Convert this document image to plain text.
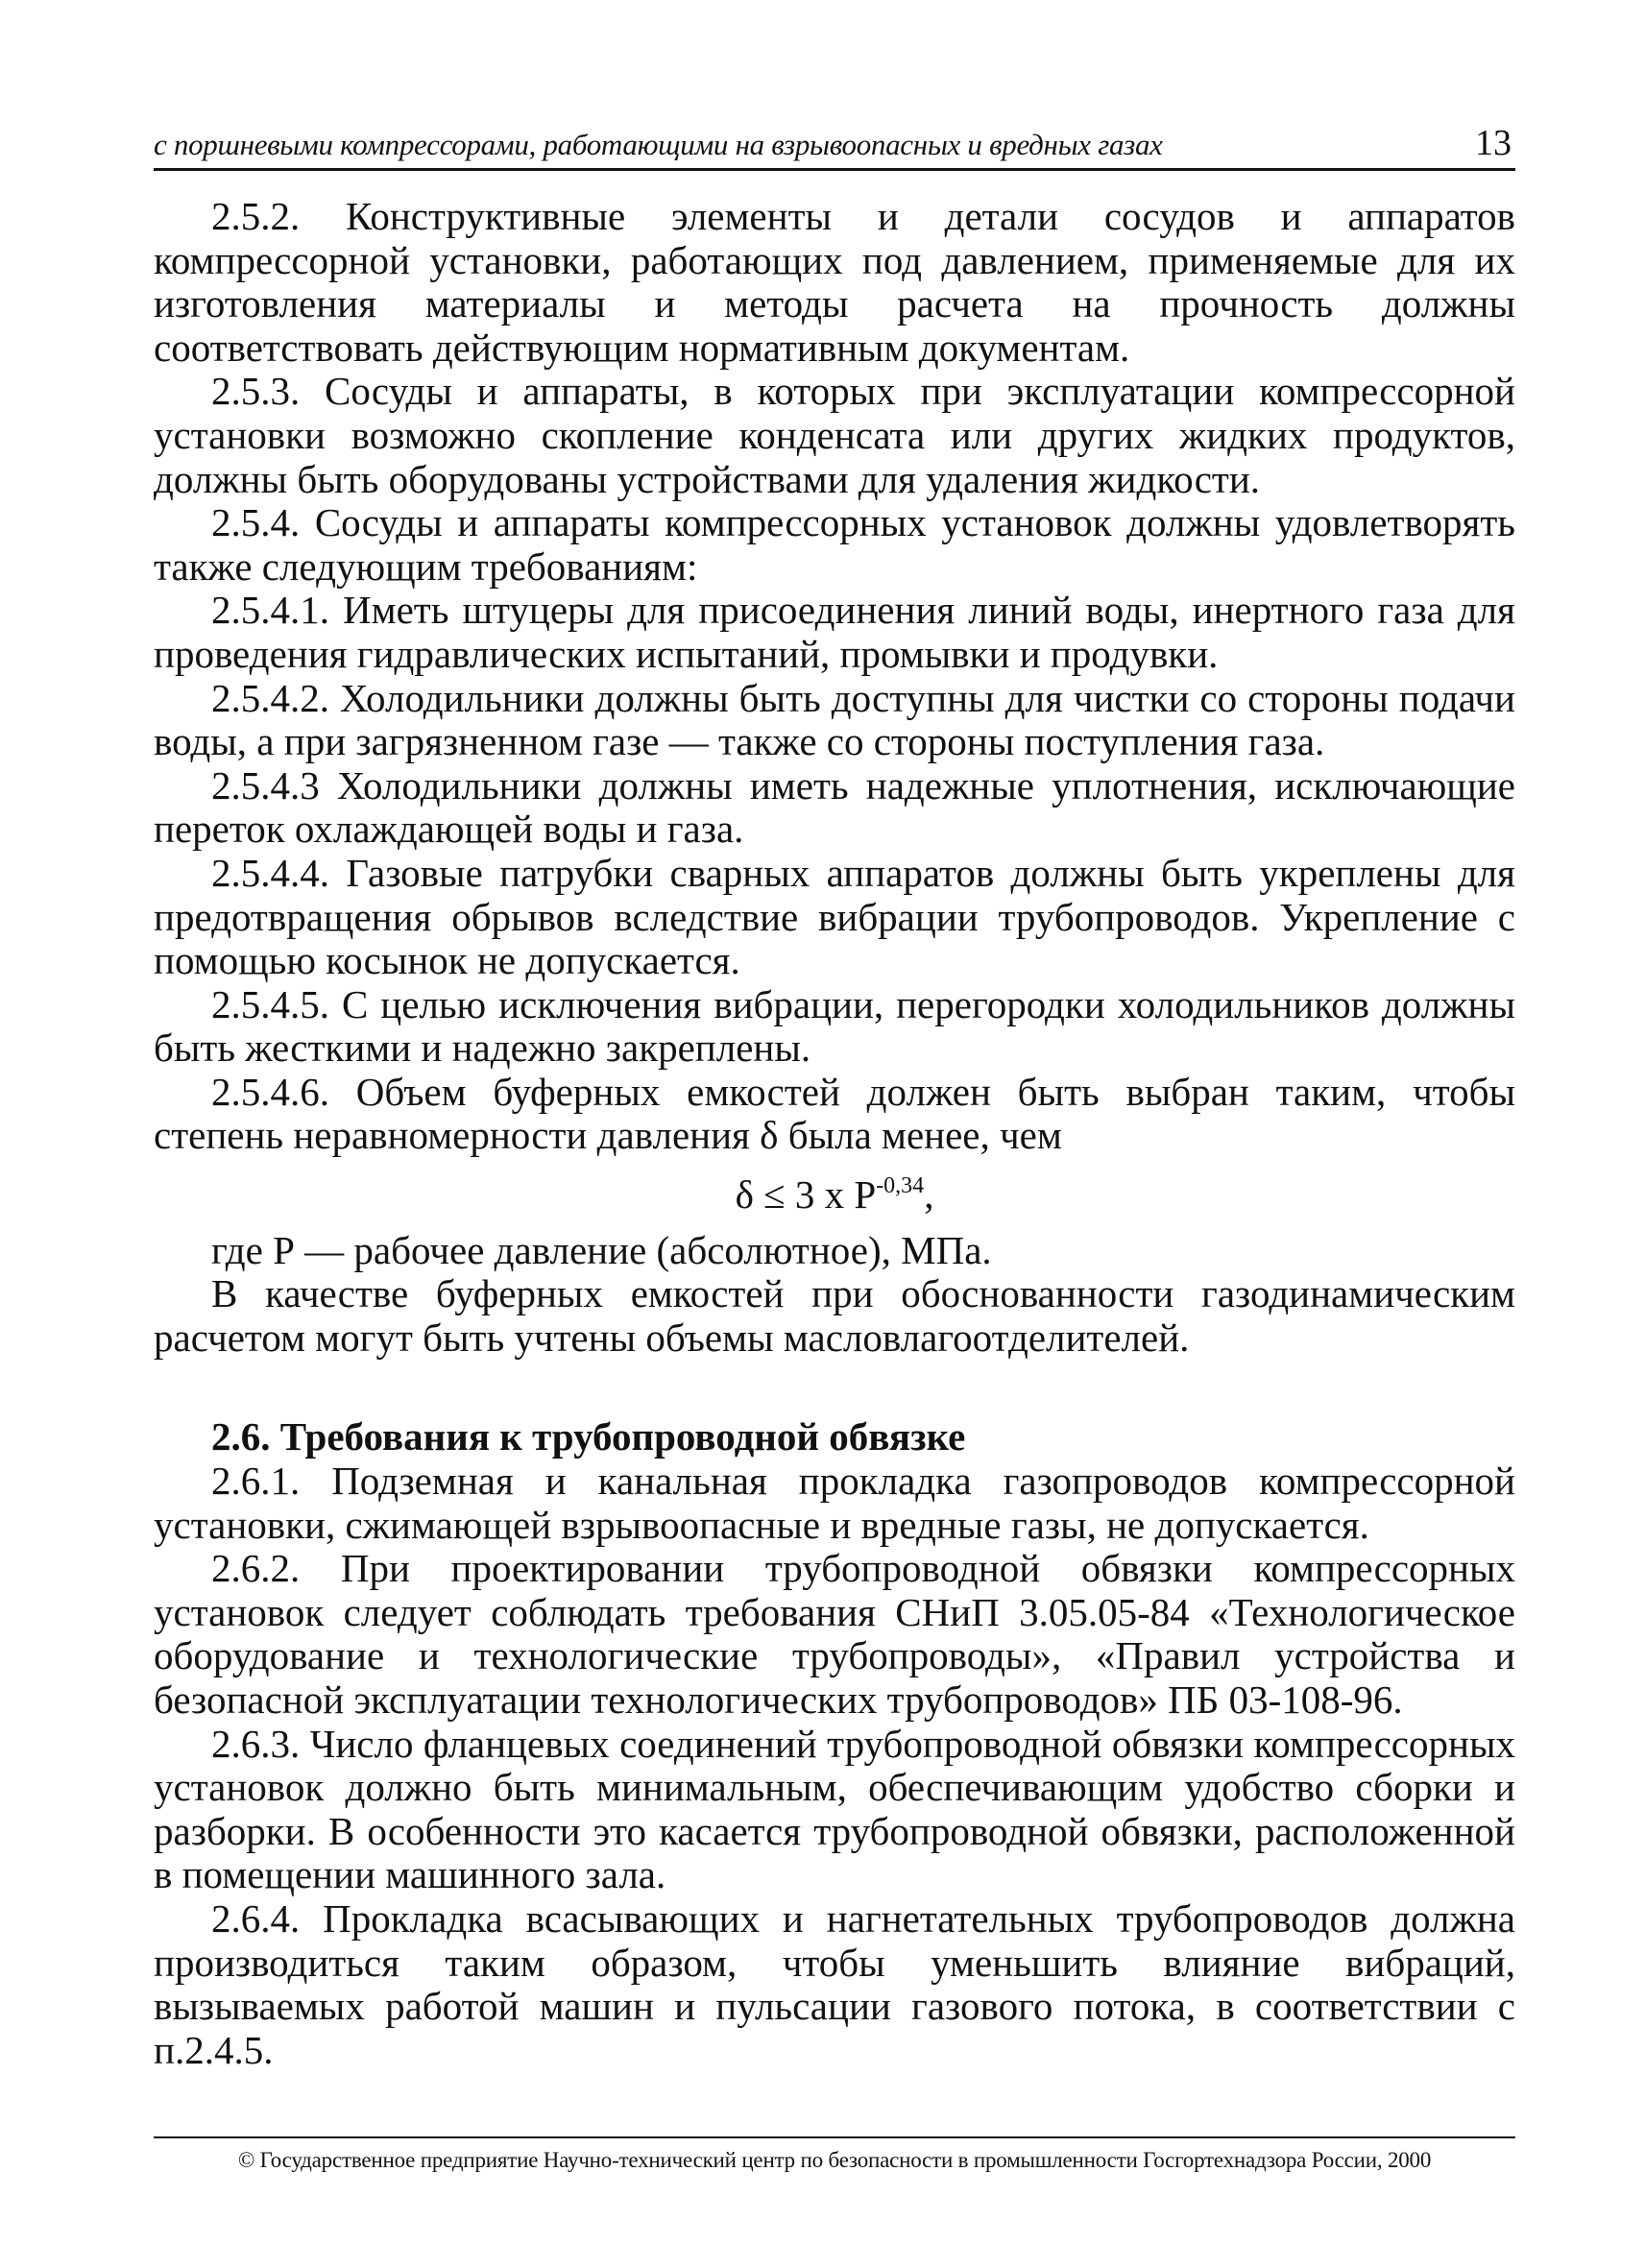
с поршневыми компрессорами, работающими на взрывоопасных и вредных газах	13

2.5.2. Конструктивные элементы и детали сосудов и аппаратов компрессорной установки, работающих под давлением, применяемые для их изготовления материалы и методы расчета на прочность должны соответствовать действующим нормативным документам.

2.5.3. Сосуды и аппараты, в которых при эксплуатации компрессорной установки возможно скопление конденсата или других жидких продуктов, должны быть оборудованы устройствами для удаления жидкости.

2.5.4. Сосуды и аппараты компрессорных установок должны удовлетворять также следующим требованиям:

2.5.4.1. Иметь штуцеры для присоединения линий воды, инертного газа для проведения гидравлических испытаний, промывки и продувки.

2.5.4.2. Холодильники должны быть доступны для чистки со стороны подачи воды, а при загрязненном газе — также со стороны поступления газа.

2.5.4.3 Холодильники должны иметь надежные уплотнения, исключающие переток охлаждающей воды и газа.

2.5.4.4. Газовые патрубки сварных аппаратов должны быть укреплены для предотвращения обрывов вследствие вибрации трубопроводов. Укрепление с помощью косынок не допускается.

2.5.4.5. С целью исключения вибрации, перегородки холодильников должны быть жесткими и надежно закреплены.

2.5.4.6. Объем буферных емкостей должен быть выбран таким, чтобы степень неравномерности давления δ была менее, чем

δ ≤ 3 х $Р^{-0,34}$,

где Р — рабочее давление (абсолютное), МПа.

В качестве буферных емкостей при обоснованности газодинамическим расчетом могут быть учтены объемы масловлагоотделителей.

2.6. Требования к трубопроводной обвязке

2.6.1. Подземная и канальная прокладка газопроводов компрессорной установки, сжимающей взрывоопасные и вредные газы, не допускается.

2.6.2. При проектировании трубопроводной обвязки компрессорных установок следует соблюдать требования СНиП 3.05.05-84 «Технологическое оборудование и технологические трубопроводы», «Правил устройства и безопасной эксплуатации технологических трубопроводов» ПБ 03-108-96.

2.6.3. Число фланцевых соединений трубопроводной обвязки компрессорных установок должно быть минимальным, обеспечивающим удобство сборки и разборки. В особенности это касается трубопроводной обвязки, расположенной в помещении машинного зала.

2.6.4. Прокладка всасывающих и нагнетательных трубопроводов должна производиться таким образом, чтобы уменьшить влияние вибраций, вызываемых работой машин и пульсации газового потока, в соответствии с п.2.4.5.

© Государственное предприятие Научно-технический центр по безопасности в промышленности Госгортехнадзора России, 2000
